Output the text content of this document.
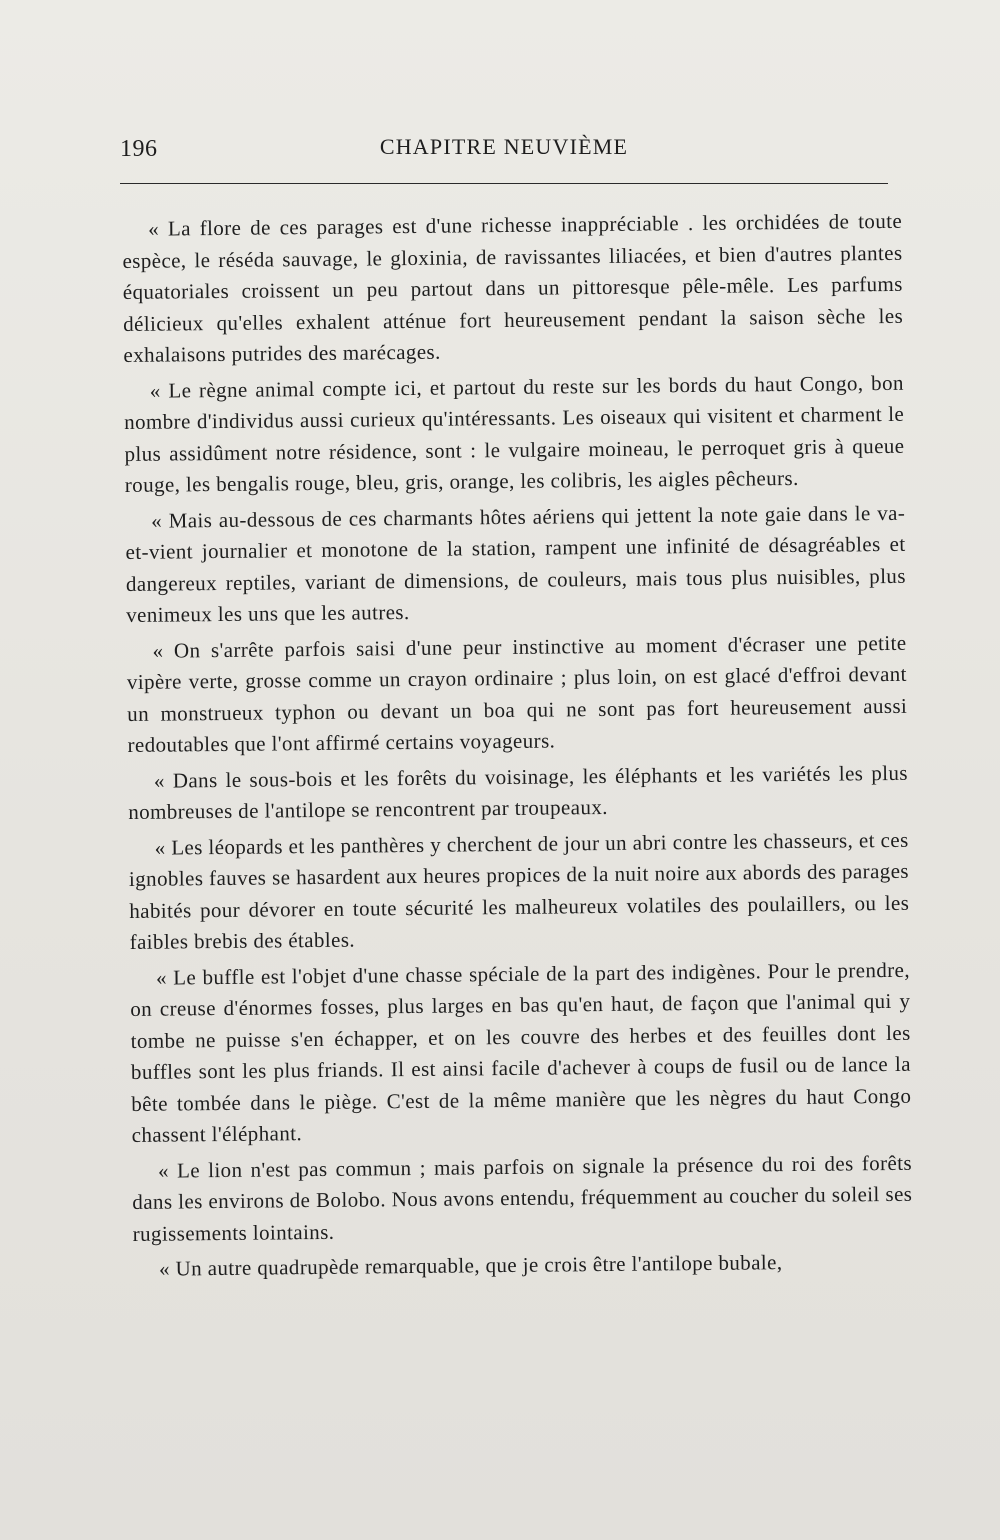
196	CHAPITRE NEUVIÈME

« La flore de ces parages est d'une richesse inappréciable . les orchidées de toute espèce, le réséda sauvage, le gloxinia, de ravissantes liliacées, et bien d'autres plantes équatoriales croissent un peu partout dans un pittoresque pêle-mêle. Les parfums délicieux qu'elles exhalent atténue fort heureusement pendant la saison sèche les exhalaisons putrides des marécages.

« Le règne animal compte ici, et partout du reste sur les bords du haut Congo, bon nombre d'individus aussi curieux qu'intéressants. Les oiseaux qui visitent et charment le plus assidûment notre résidence, sont : le vulgaire moineau, le perroquet gris à queue rouge, les bengalis rouge, bleu, gris, orange, les colibris, les aigles pêcheurs.

« Mais au-dessous de ces charmants hôtes aériens qui jettent la note gaie dans le va-et-vient journalier et monotone de la station, rampent une infinité de désagréables et dangereux reptiles, variant de dimensions, de couleurs, mais tous plus nuisibles, plus venimeux les uns que les autres.

« On s'arrête parfois saisi d'une peur instinctive au moment d'écraser une petite vipère verte, grosse comme un crayon ordinaire ; plus loin, on est glacé d'effroi devant un monstrueux typhon ou devant un boa qui ne sont pas fort heureusement aussi redoutables que l'ont affirmé certains voyageurs.

« Dans le sous-bois et les forêts du voisinage, les éléphants et les variétés les plus nombreuses de l'antilope se rencontrent par troupeaux.

« Les léopards et les panthères y cherchent de jour un abri contre les chasseurs, et ces ignobles fauves se hasardent aux heures propices de la nuit noire aux abords des parages habités pour dévorer en toute sécurité les malheureux volatiles des poulaillers, ou les faibles brebis des étables.

« Le buffle est l'objet d'une chasse spéciale de la part des indigènes. Pour le prendre, on creuse d'énormes fosses, plus larges en bas qu'en haut, de façon que l'animal qui y tombe ne puisse s'en échapper, et on les couvre des herbes et des feuilles dont les buffles sont les plus friands. Il est ainsi facile d'achever à coups de fusil ou de lance la bête tombée dans le piège. C'est de la même manière que les nègres du haut Congo chassent l'éléphant.

« Le lion n'est pas commun ; mais parfois on signale la présence du roi des forêts dans les environs de Bolobo. Nous avons entendu, fréquemment au coucher du soleil ses rugissements lointains.

« Un autre quadrupède remarquable, que je crois être l'antilope bubale,
